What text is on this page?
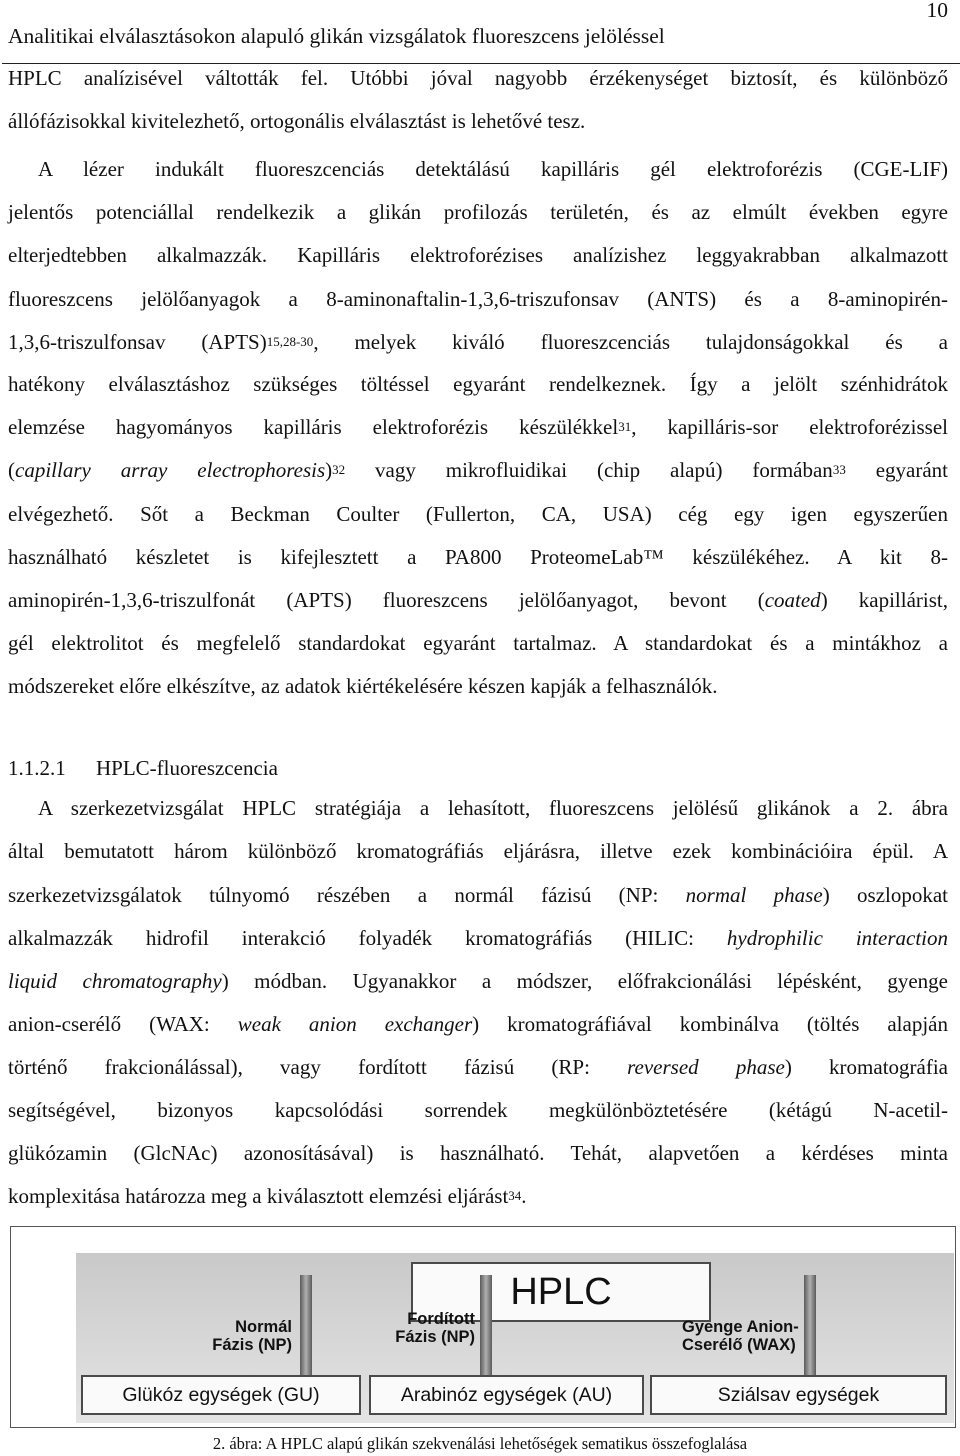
Analitikai elválasztásokon alapuló glikán vizsgálatok fluoreszcens jelöléssel
10
HPLC analízisével váltották fel. Utóbbi jóval nagyobb érzékenységet biztosít, és különböző
állófázisokkal kivitelezhető, ortogonális elválasztást is lehetővé tesz.
A lézer indukált fluoreszcenciás detektálású kapilláris gél elektroforézis (CGE-LIF)
jelentős potenciállal rendelkezik a glikán profilozás területén, és az elmúlt években egyre
elterjedtebben alkalmazzák. Kapilláris elektroforézises analízishez leggyakrabban alkalmazott
fluoreszcens jelölőanyagok a 8-aminonaftalin-1,3,6-triszufonsav (ANTS) és a 8-aminopirén-
1,3,6-triszulfonsav (APTS)$^{15,28-30}$, melyek kiváló fluoreszcenciás tulajdonságokkal és a
hatékony elválasztáshoz szükséges töltéssel egyaránt rendelkeznek. Így a jelölt szénhidrátok
elemzése hagyományos kapilláris elektroforézis készülékkel$^{31}$, kapilláris-sor elektroforézissel
(capillary array electrophoresis)$^{32}$ vagy mikrofluidikai (chip alapú) formában$^{33}$ egyaránt
elvégezhető. Sőt a Beckman Coulter (Fullerton, CA, USA) cég egy igen egyszerűen
használható készletet is kifejlesztett a PA800 ProteomeLab™ készülékéhez. A kit 8-
aminopirén-1,3,6-triszulfonát (APTS) fluoreszcens jelölőanyagot, bevont (coated) kapillárist,
gél elektrolitot és megfelelő standardokat egyaránt tartalmaz. A standardokat és a mintákhoz a
módszereket előre elkészítve, az adatok kiértékelésére készen kapják a felhasználók.
1.1.2.1 HPLC-fluoreszcencia
A szerkezetvizsgálat HPLC stratégiája a lehasított, fluoreszcens jelölésű glikánok a 2. ábra
által bemutatott három különböző kromatográfiás eljárásra, illetve ezek kombinációira épül. A
szerkezetvizsgálatok túlnyomó részében a normál fázisú (NP: normal phase) oszlopokat
alkalmazzák hidrofil interakció folyadék kromatográfiás (HILIC: hydrophilic interaction
liquid chromatography) módban. Ugyanakkor a módszer, előfrakcionálási lépésként, gyenge
anion-cserélő (WAX: weak anion exchanger) kromatográfiával kombinálva (töltés alapján
történő frakcionálással), vagy fordított fázisú (RP: reversed phase) kromatográfia
segítségével, bizonyos kapcsolódási sorrendek megkülönböztetésére (kétágú N-acetil-
glükózamin (GlcNAc) azonosításával) is használható. Tehát, alapvetően a kérdéses minta
komplexitása határozza meg a kiválasztott elemzési eljárást$^{34}$.
HPLC
Normál
Fázis (NP)
Fordított
Fázis (NP)
Gyenge Anion-
Cserélő (WAX)
Glükóz egységek (GU)	Arabinóz egységek (AU)	Sziálsav egységek
2. ábra: A HPLC alapú glikán szekvenálási lehetőségek sematikus összefoglalása
